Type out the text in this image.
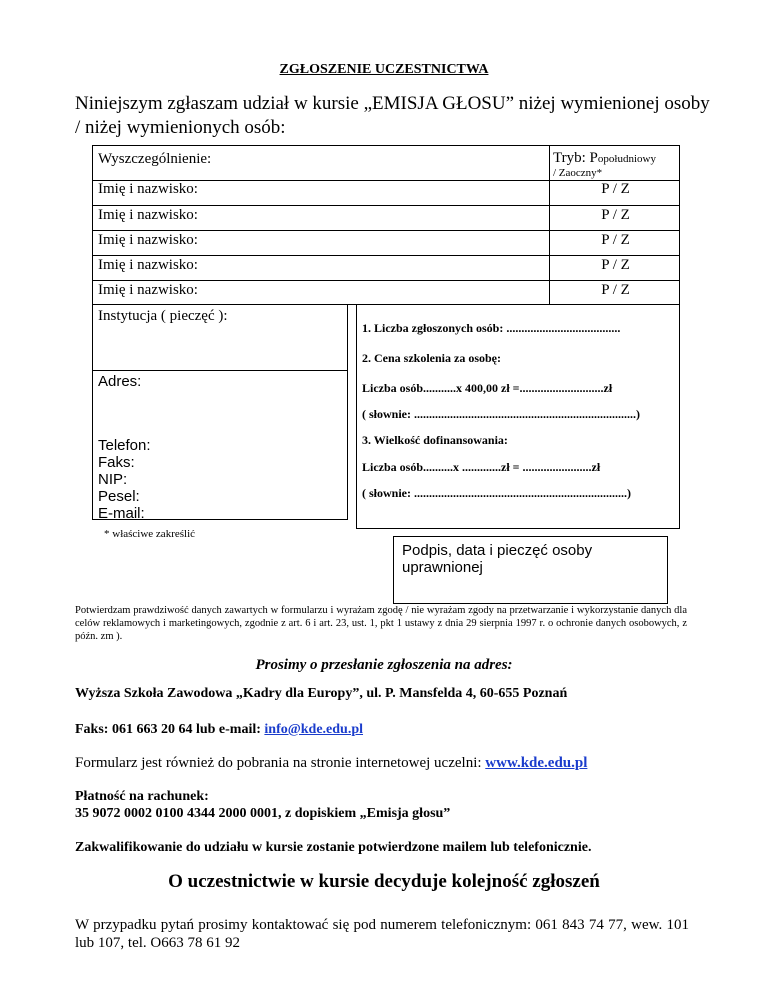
ZGŁOSZENIE UCZESTNICTWA
Niniejszym zgłaszam udział w kursie „EMISJA GŁOSU” niżej wymienionej osoby / niżej wymienionych osób:
Wyszczególnienie:	Tryb: Popołudniowy
/ Zaoczny*
Imię i nazwisko:	P / Z
Imię i nazwisko:	P / Z
Imię i nazwisko:	P / Z
Imię i nazwisko:	P / Z
Imię i nazwisko:	P / Z
Instytucja ( pieczęć ):
Adres:
Telefon:
Faks:
NIP:
Pesel:
E-mail:
1. Liczba zgłoszonych osób: ......................................
2. Cena szkolenia za osobę:
Liczba osób...........x 400,00 zł =............................zł
( słownie: ..........................................................................)
3. Wielkość dofinansowania:
Liczba osób..........x .............zł = .......................zł
( słownie: .......................................................................)
* właściwe zakreślić
Podpis, data i pieczęć osoby uprawnionej
Potwierdzam prawdziwość danych zawartych w formularzu i wyrażam zgodę / nie wyrażam zgody na przetwarzanie i wykorzystanie danych dla celów reklamowych i marketingowych, zgodnie z art. 6 i art. 23, ust. 1, pkt 1 ustawy z dnia 29 sierpnia 1997 r. o ochronie danych osobowych, z późn. zm ).
Prosimy o przesłanie zgłoszenia na adres:
Wyższa Szkoła Zawodowa „Kadry dla Europy”, ul. P. Mansfelda 4, 60-655 Poznań
Faks: 061 663 20 64 lub e-mail: info@kde.edu.pl
Formularz jest również do pobrania na stronie internetowej uczelni: www.kde.edu.pl
Płatność na rachunek:
35 9072 0002 0100 4344 2000 0001, z dopiskiem „Emisja głosu”
Zakwalifikowanie do udziału w kursie zostanie potwierdzone mailem lub telefonicznie.
O uczestnictwie w kursie decyduje kolejność zgłoszeń
W przypadku pytań prosimy kontaktować się pod numerem telefonicznym: 061 843 74 77, wew. 101 lub 107, tel. O663 78 61 92
